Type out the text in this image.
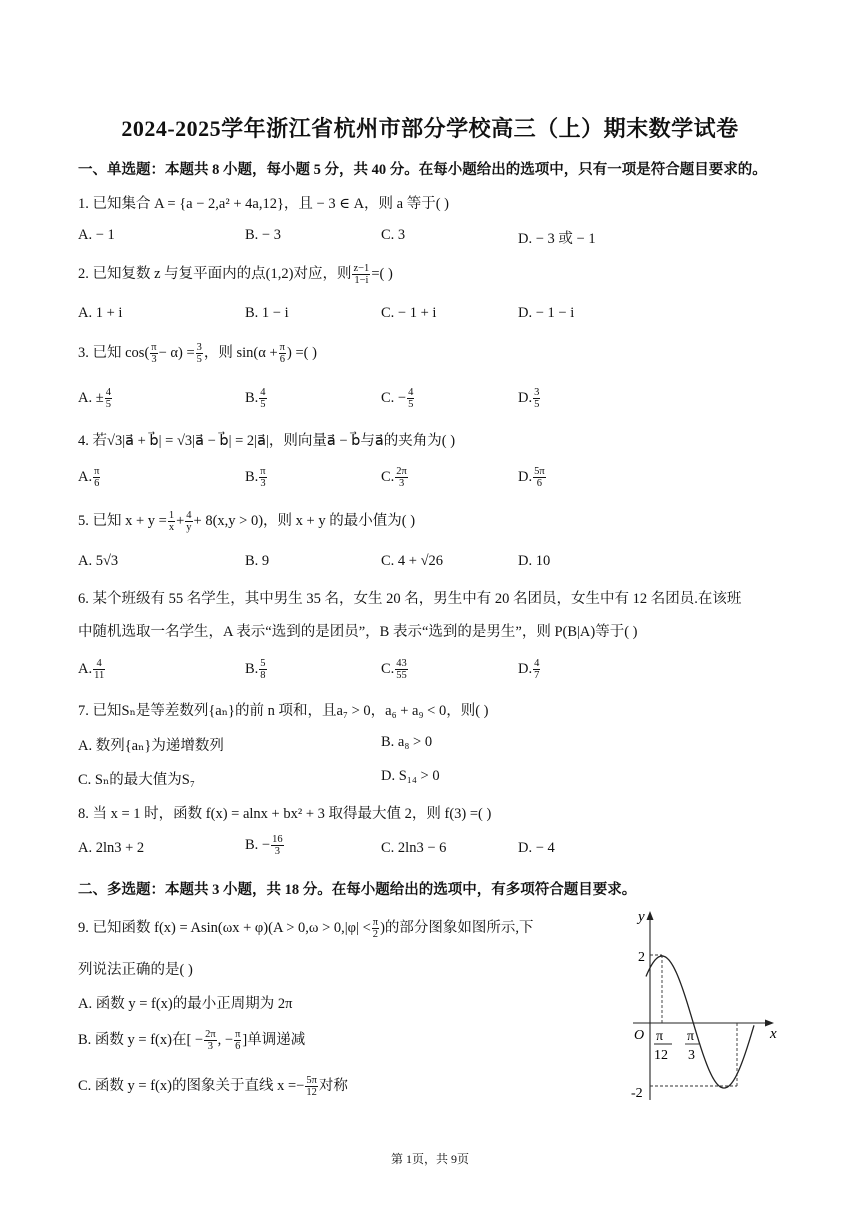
2024-2025学年浙江省杭州市部分学校高三（上）期末数学试卷
一、单选题：本题共 8 小题，每小题 5 分，共 40 分。在每小题给出的选项中，只有一项是符合题目要求的。
1. 已知集合 A = {a − 2,a² + 4a,12}，且 − 3 ∈ A，则 a 等于( )
A. − 1	B. − 3	C. 3	D. − 3 或 − 1
2. 已知复数 z 与复平面内的点(1,2)对应，则 $\frac{z-1}{1-i}$ =( )
A. 1 + i	B. 1 − i	C. − 1 + i	D. − 1 − i
3. 已知 $\cos( \frac{\pi}{3} - \alpha) = \frac{3}{5}$ ，则 $\sin(\alpha + \frac{\pi}{6}$ ) =( )
A. ± $\frac{4}{5}$	B. $\frac{4}{5}$	C. − $\frac{4}{5}$	D. $\frac{3}{5}$
4. 若√3|a⃗ + b⃗| = √3|a⃗ − b⃗| = 2|a⃗|，则向量a⃗ − b⃗与a⃗的夹角为( )
A. $\frac{\pi}{6}$	B. $\frac{\pi}{3}$	C. $\frac{2\pi}{3}$	D. $\frac{5\pi}{6}$
5. 已知 $x + y = \frac{1}{x} + \frac{4}{y} + 8(x,y > 0)$，则 x + y 的最小值为( )
A. 5√3	B. 9	C. 4 + √26	D. 10
6. 某个班级有 55 名学生，其中男生 35 名，女生 20 名，男生中有 20 名团员，女生中有 12 名团员.在该班
中随机选取一名学生，A 表示“选到的是团员”，B 表示“选到的是男生”，则 P(B|A)等于( )
A. $\frac{4}{11}$	B. $\frac{5}{8}$	C. $\frac{43}{55}$	D. $\frac{4}{7}$
7. 已知Sₙ是等差数列{aₙ}的前 n 项和，且a₇ > 0，a₆ + a₉ < 0，则( )
A. 数列{aₙ}为递增数列	B. a₈ > 0
C. Sₙ的最大值为S₇	D. S₁₄ > 0
8. 当 x = 1 时，函数 f(x) = alnx + bx² + 3 取得最大值 2，则 f(3) =( )
A. 2ln3 + 2	B. − $\frac{16}{3}$	C. 2ln3 − 6	D. − 4
二、多选题：本题共 3 小题，共 18 分。在每小题给出的选项中，有多项符合题目要求。
9. 已知函数 $f(x) = Asin(\omega x + \varphi)(A > 0,\omega > 0,|\varphi| < \frac{\pi}{2}$ )的部分图象如图所示,下
列说法正确的是( )
A. 函数 y = f(x)的最小正周期为 2π
B. 函数 y = f(x)在[ − $\frac{2\pi}{3}$ , − $\frac{\pi}{6}$ ]单调递减
C. 函数 y = f(x)的图象关于直线 $x =- \frac{5\pi}{12}$ 对称
y
x
O
2
-2
π
12
π
3
第 1页，共 9页
